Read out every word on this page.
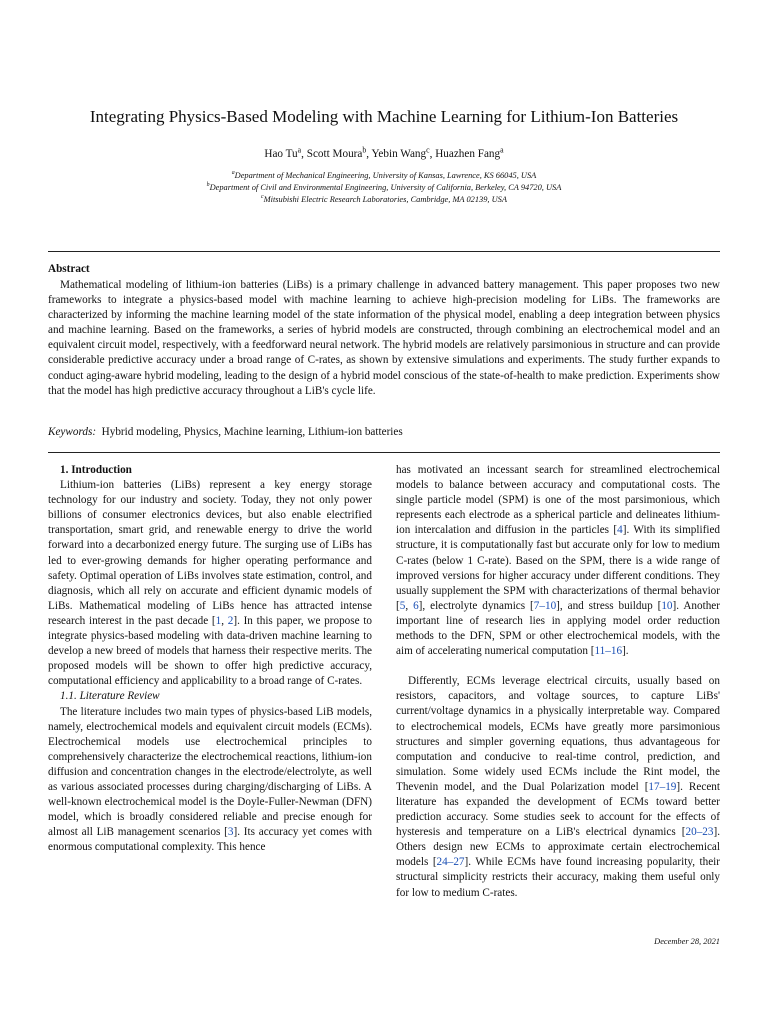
Integrating Physics-Based Modeling with Machine Learning for Lithium-Ion Batteries
Hao Tu$^a$, Scott Moura$^b$, Yebin Wang$^c$, Huazhen Fang$^a$
$^a$Department of Mechanical Engineering, University of Kansas, Lawrence, KS 66045, USA
$^b$Department of Civil and Environmental Engineering, University of California, Berkeley, CA 94720, USA
$^c$Mitsubishi Electric Research Laboratories, Cambridge, MA 02139, USA
Abstract
Mathematical modeling of lithium-ion batteries (LiBs) is a primary challenge in advanced battery management. This paper proposes two new frameworks to integrate a physics-based model with machine learning to achieve high-precision modeling for LiBs. The frameworks are characterized by informing the machine learning model of the state information of the physical model, enabling a deep integration between physics and machine learning. Based on the frameworks, a series of hybrid models are constructed, through combining an electrochemical model and an equivalent circuit model, respectively, with a feedforward neural network. The hybrid models are relatively parsimonious in structure and can provide considerable predictive accuracy under a broad range of C-rates, as shown by extensive simulations and experiments. The study further expands to conduct aging-aware hybrid modeling, leading to the design of a hybrid model conscious of the state-of-health to make prediction. Experiments show that the model has high predictive accuracy throughout a LiB's cycle life.
Keywords: Hybrid modeling, Physics, Machine learning, Lithium-ion batteries

1. Introduction

Lithium-ion batteries (LiBs) represent a key energy storage technology for our industry and society. Today, they not only power billions of consumer electronics devices, but also enable electrified transportation, smart grid, and renewable energy to drive the world forward into a decarbonized energy future. The surging use of LiBs has led to ever-growing demands for higher operating performance and safety. Optimal operation of LiBs involves state estimation, control, and diagnosis, which all rely on accurate and efficient dynamic models of LiBs. Mathematical modeling of LiBs hence has attracted intense research interest in the past decade [1, 2]. In this paper, we propose to integrate physics-based modeling with data-driven machine learning to develop a new breed of models that harness their respective merits. The proposed models will be shown to offer high predictive accuracy, computational efficiency and applicability to a broad range of C-rates.

1.1. Literature Review

The literature includes two main types of physics-based LiB models, namely, electrochemical models and equivalent circuit models (ECMs). Electrochemical models use electrochemical principles to comprehensively characterize the electrochemical reactions, lithium-ion diffusion and concentration changes in the electrode/electrolyte, as well as various associated processes during charging/discharging of LiBs. A well-known electrochemical model is the Doyle-Fuller-Newman (DFN) model, which is broadly considered reliable and precise enough for almost all LiB management scenarios [3]. Its accuracy yet comes with enormous computational complexity. This hence

has motivated an incessant search for streamlined electrochemical models to balance between accuracy and computational costs. The single particle model (SPM) is one of the most parsimonious, which represents each electrode as a spherical particle and delineates lithium-ion intercalation and diffusion in the particles [4]. With its simplified structure, it is computationally fast but accurate only for low to medium C-rates (below 1 C-rate). Based on the SPM, there is a wide range of improved versions for higher accuracy under different conditions. They usually supplement the SPM with characterizations of thermal behavior [5, 6], electrolyte dynamics [7–10], and stress buildup [10]. Another important line of research lies in applying model order reduction methods to the DFN, SPM or other electrochemical models, with the aim of accelerating numerical computation [11–16].

Differently, ECMs leverage electrical circuits, usually based on resistors, capacitors, and voltage sources, to capture LiBs' current/voltage dynamics in a physically interpretable way. Compared to electrochemical models, ECMs have greatly more parsimonious structures and simpler governing equations, thus advantageous for computation and conducive to real-time control, prediction, and simulation. Some widely used ECMs include the Rint model, the Thevenin model, and the Dual Polarization model [17–19]. Recent literature has expanded the development of ECMs toward better prediction accuracy. Some studies seek to account for the effects of hysteresis and temperature on a LiB's electrical dynamics [20–23]. Others design new ECMs to approximate certain electrochemical models [24–27]. While ECMs have found increasing popularity, their structural simplicity restricts their accuracy, making them useful only for low to medium C-rates.

December 28, 2021
